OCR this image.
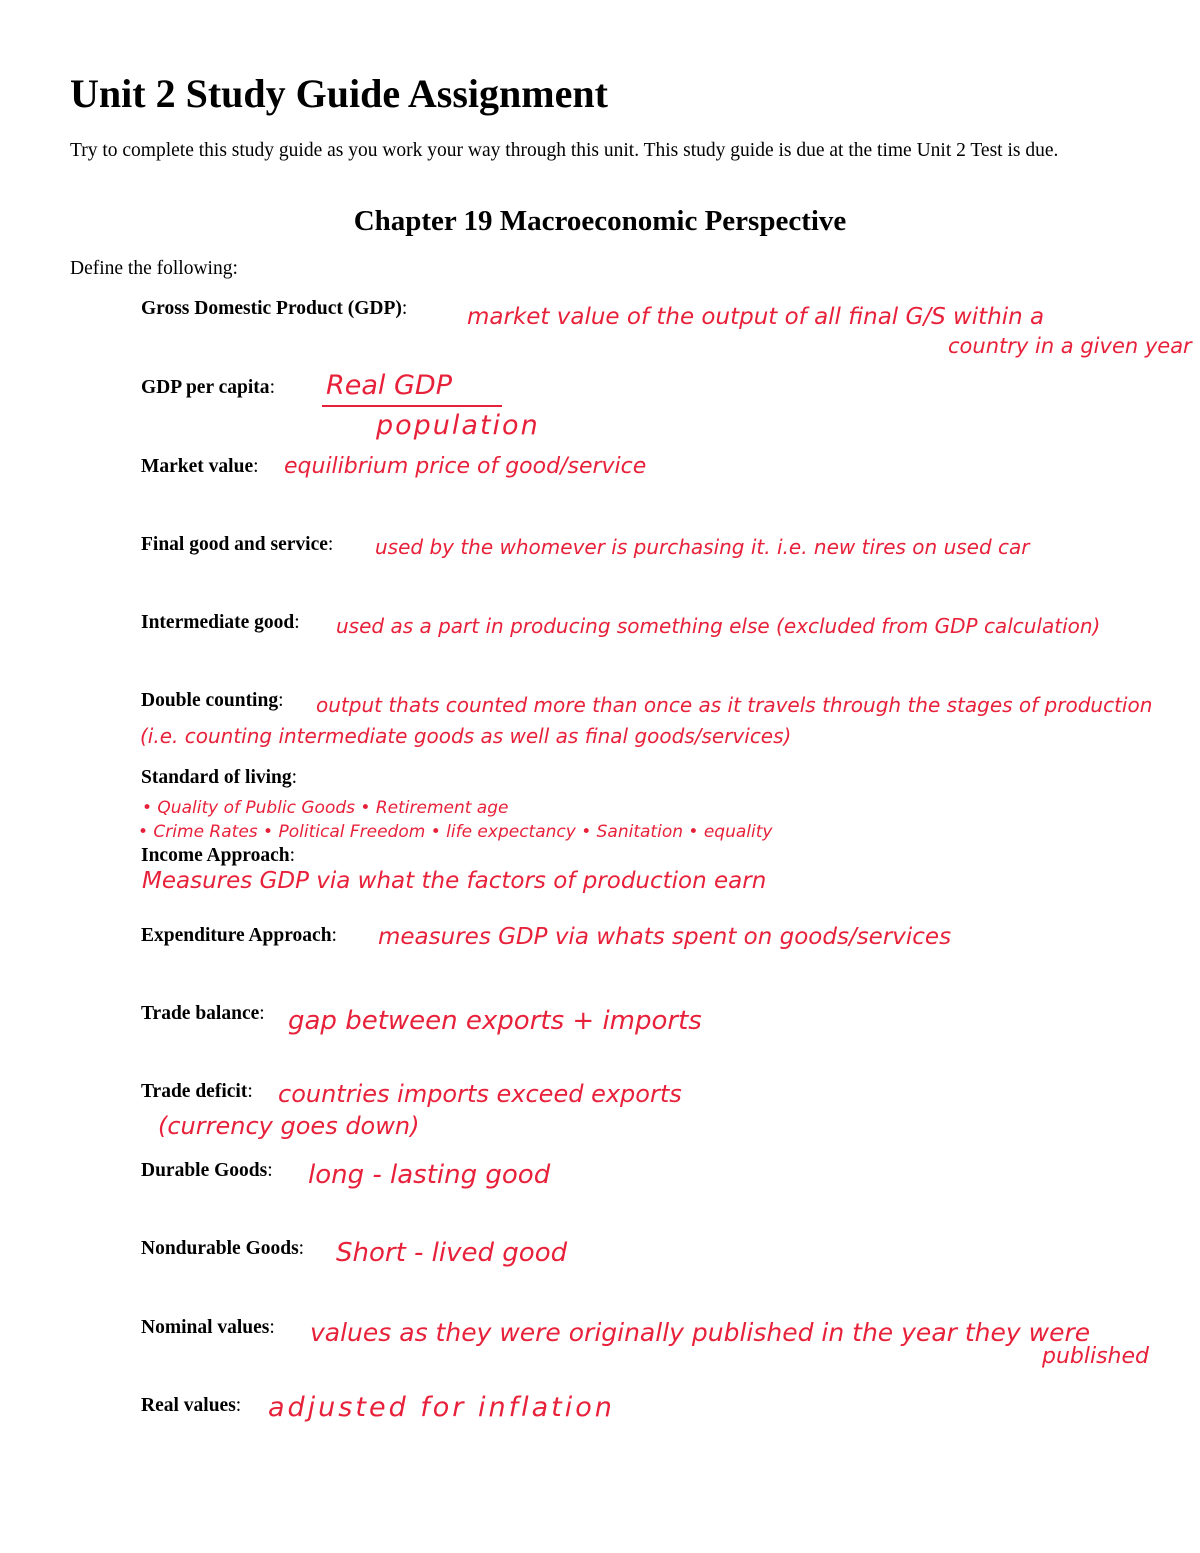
Unit 2 Study Guide Assignment

Try to complete this study guide as you work your way through this unit. This study guide is due at the time Unit 2 Test is due.

Chapter 19 Macroeconomic Perspective
Define the following:
Gross Domestic Product (GDP):	market value of the output of all final G/S within a
country in a given year
GDP per capita: Real GDP
population
Market value: equilibrium price of good/service
Final good and service: used by the whomever is purchasing it. i.e. new tires on used car
Intermediate good: used as a part in producing something else (excluded from GDP calculation)
Double counting: output thats counted more than once as it travels through the stages of production
(i.e. counting intermediate goods as well as final goods/services)
Standard of living:
• Quality of Public Goods • Retirement age
• Crime Rates • Political Freedom • life expectancy • Sanitation • equality
Income Approach:
Measures GDP via what the factors of production earn
Expenditure Approach: measures GDP via whats spent on goods/services
Trade balance: gap between exports + imports
Trade deficit: countries imports exceed exports
(currency goes down)
Durable Goods: long - lasting good
Nondurable Goods: Short - lived good
Nominal values: values as they were originally published in the year they were
published
Real values: adjusted for inflation
